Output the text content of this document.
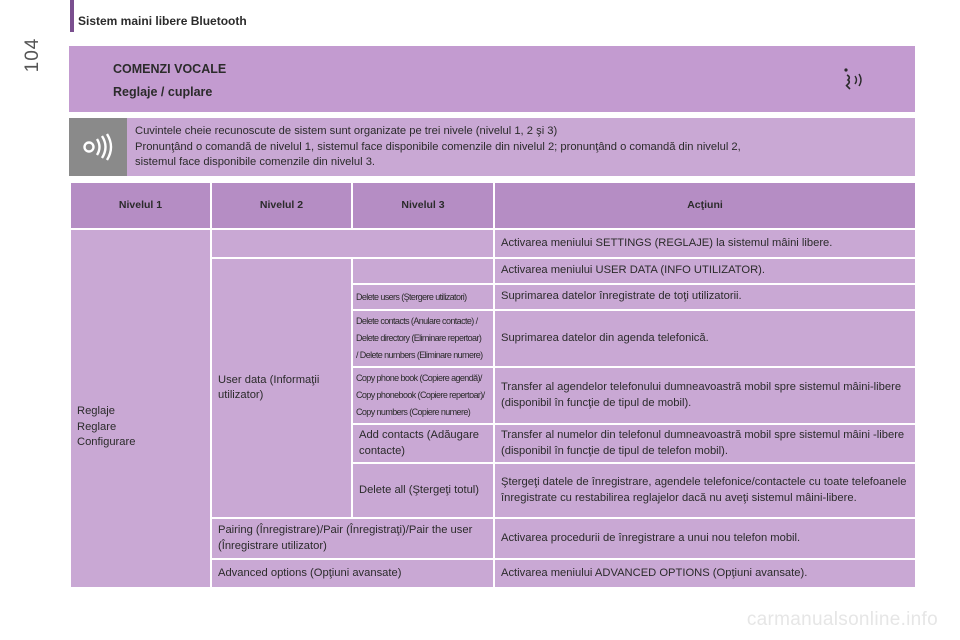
104
Sistem maini libere Bluetooth
COMENZI VOCALE
Reglaje / cuplare
Cuvintele cheie recunoscute de sistem sunt organizate pe trei nivele (nivelul 1, 2 şi 3)
Pronunţând o comandă de nivelul 1, sistemul face disponibile comenzile din nivelul 2; pronunţând o comandă din nivelul 2,
sistemul face disponibile comenzile din nivelul 3.
Nivelul 1	Nivelul 2	Nivelul 3	Acţiuni

Reglaje
Reglare
Configurare			Activarea meniului SETTINGS (REGLAJE) la sistemul mâini libere.
	User data (Informaţii utilizator)		Activarea meniului USER DATA (INFO UTILIZATOR).
		Delete users (Ştergere utilizatori)	Suprimarea datelor înregistrate de toţi utilizatorii.

		Delete contacts (Anulare contacte) /
Delete directory (Eliminare repertoar)
/ Delete numbers (Eliminare numere)	Suprimarea datelor din agenda telefonică.

		Copy phone book (Copiere agendă)/
Copy phonebook (Copiere repertoar)/
Copy numbers (Copiere numere)	Transfer al agendelor telefonului dumneavoastră mobil spre sistemul mâini-libere (disponibil în funcţie de tipul de mobil).
		Add contacts (Adăugare contacte)	Transfer al numelor din telefonul dumneavoastră mobil spre sistemul mâini -libere (disponibil în funcţie de tipul de telefon mobil).
		Delete all (Ştergeţi totul)	Ştergeţi datele de înregistrare, agendele telefonice/contactele cu toate telefoanele înregistrate cu restabilirea reglajelor dacă nu aveţi sistemul mâini-libere.
	Pairing (Înregistrare)/Pair (Înregistraţi)/Pair the user (Înregistrare utilizator)		Activarea procedurii de înregistrare a unui nou telefon mobil.
	Advanced options (Opţiuni avansate)		Activarea meniului ADVANCED OPTIONS (Opţiuni avansate).
carmanualsonline.info
